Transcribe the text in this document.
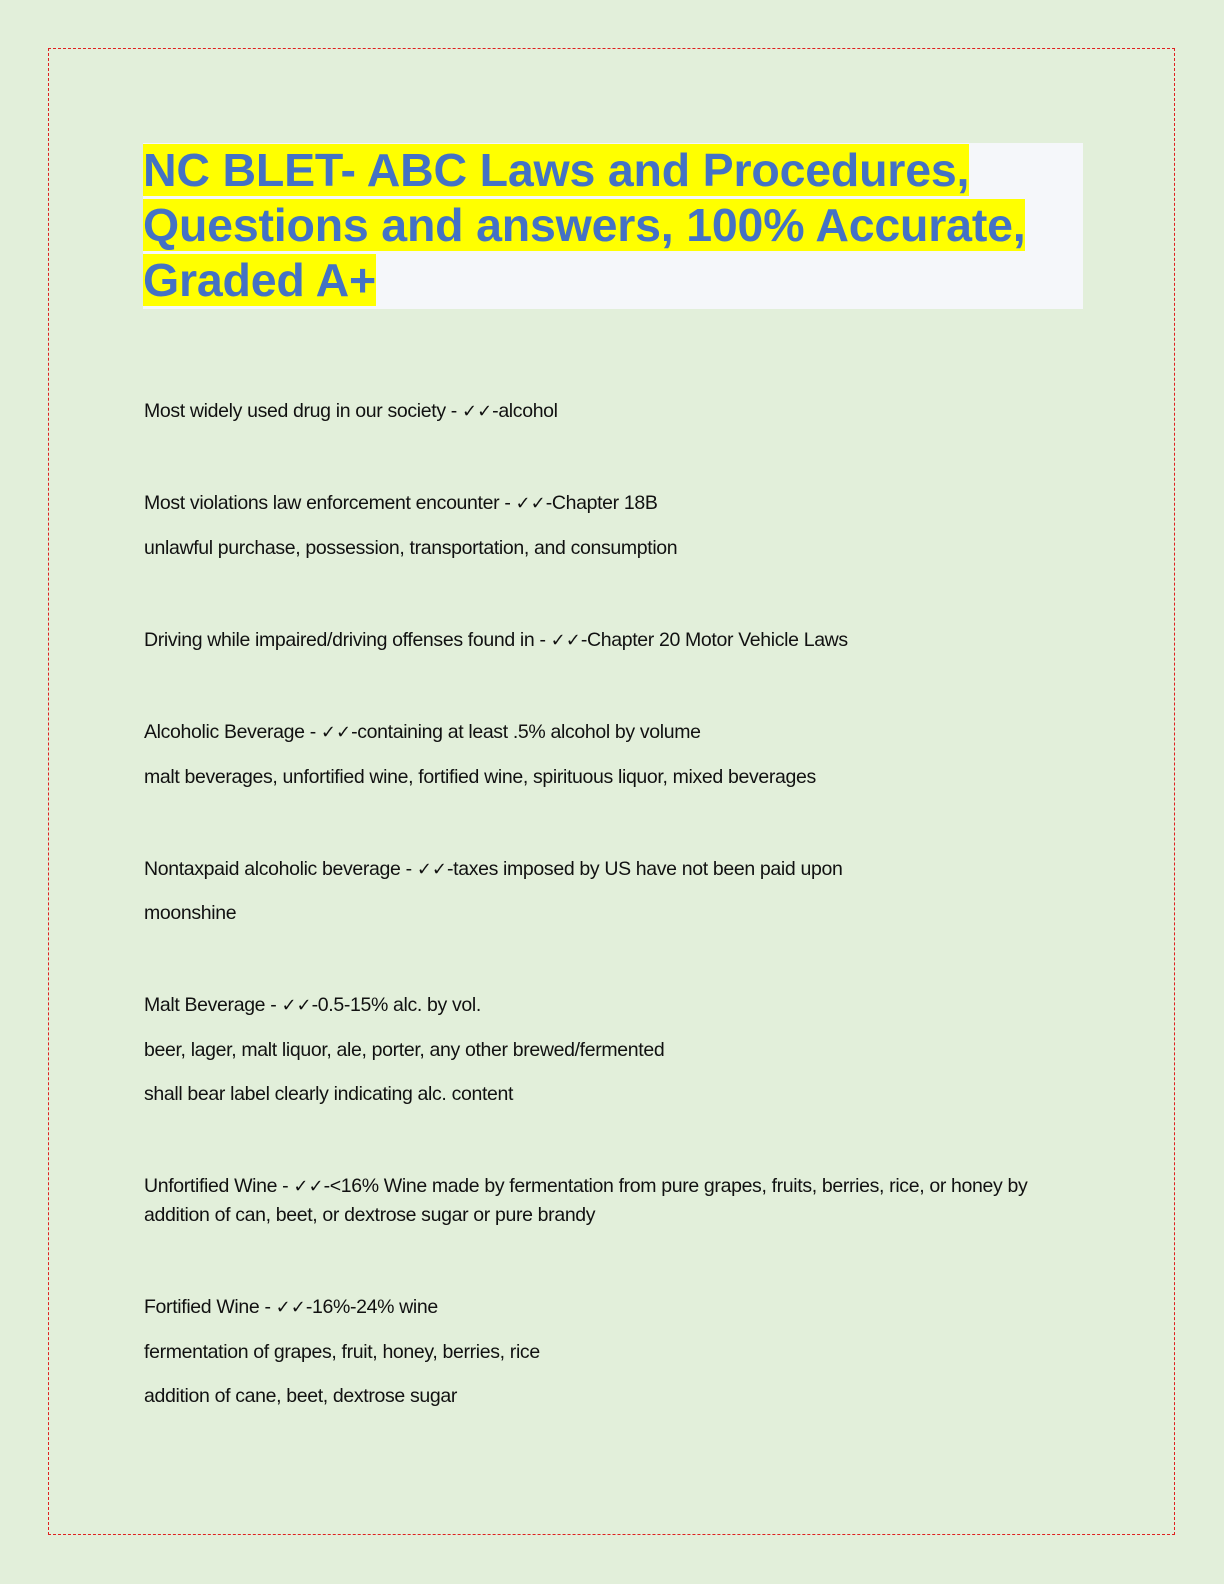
NC BLET- ABC Laws and Procedures,
Questions and answers, 100% Accurate,
Graded A+
Most widely used drug in our society - ✓✓-alcohol
Most violations law enforcement encounter - ✓✓-Chapter 18B
unlawful purchase, possession, transportation, and consumption
Driving while impaired/driving offenses found in - ✓✓-Chapter 20 Motor Vehicle Laws
Alcoholic Beverage - ✓✓-containing at least .5% alcohol by volume
malt beverages, unfortified wine, fortified wine, spirituous liquor, mixed beverages
Nontaxpaid alcoholic beverage - ✓✓-taxes imposed by US have not been paid upon
moonshine
Malt Beverage - ✓✓-0.5-15% alc. by vol.
beer, lager, malt liquor, ale, porter, any other brewed/fermented
shall bear label clearly indicating alc. content
Unfortified Wine - ✓✓-<16% Wine made by fermentation from pure grapes, fruits, berries, rice, or honey by addition of can, beet, or dextrose sugar or pure brandy
Fortified Wine - ✓✓-16%-24% wine
fermentation of grapes, fruit, honey, berries, rice
addition of cane, beet, dextrose sugar
